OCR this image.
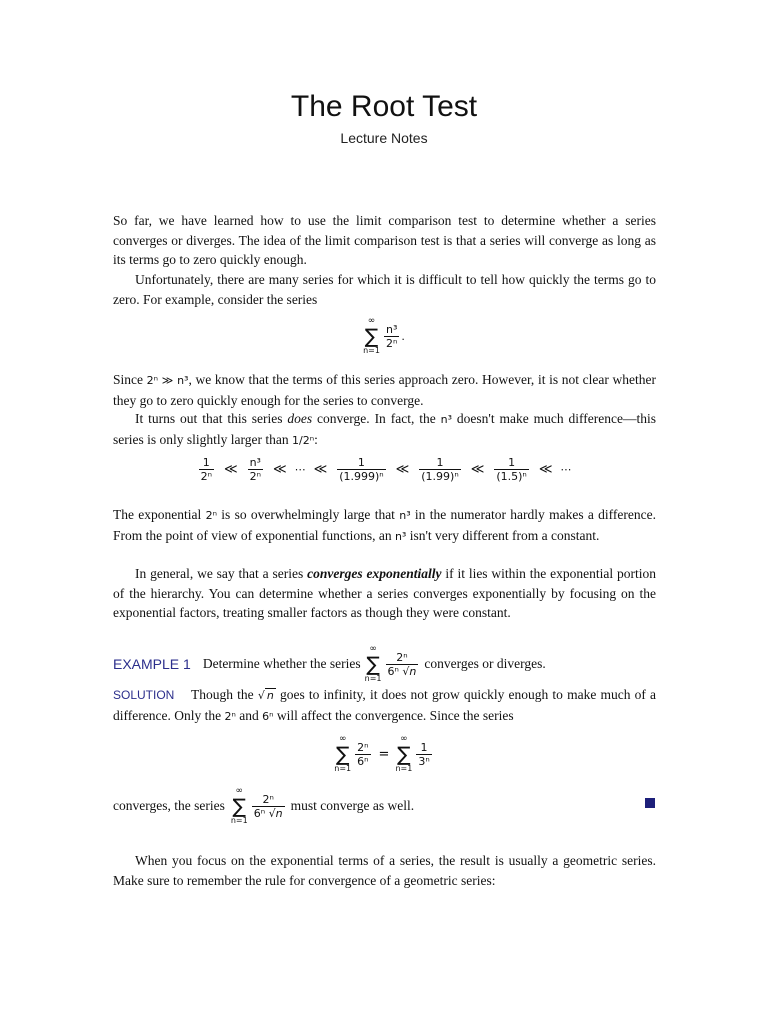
The Root Test
Lecture Notes

So far, we have learned how to use the limit comparison test to determine whether a series converges or diverges. The idea of the limit comparison test is that a series will converge as long as its terms go to zero quickly enough.

Unfortunately, there are many series for which it is difficult to tell how quickly the terms go to zero. For example, consider the series

∞
∑
n=1
$\frac{\text{n³}}{\text{2ⁿ}}$ .

Since 2ⁿ ≫ n³, we know that the terms of this series approach zero. However, it is not clear whether they go to zero quickly enough for the series to converge.

It turns out that this series does converge. In fact, the n³ doesn't make much difference—this series is only slightly larger than 1/2ⁿ:

$\frac{1}{\text{2ⁿ}}$ ≪ $\frac{\text{n³}}{\text{2ⁿ}}$ ≪ ⋯ ≪ $\frac{1}{\text{(1.999)ⁿ}}$ ≪ $\frac{1}{\text{(1.99)ⁿ}}$ ≪ $\frac{1}{\text{(1.5)ⁿ}}$ ≪ ⋯

The exponential 2ⁿ is so overwhelmingly large that n³ in the numerator hardly makes a difference. From the point of view of exponential functions, an n³ isn't very different from a constant.

In general, we say that a series converges exponentially if it lies within the exponential portion of the hierarchy. You can determine whether a series converges exponentially by focusing on the exponential factors, treating smaller factors as though they were constant.

EXAMPLE 1 Determine whether the series
∞
∑
n=1
$\frac{\text{2ⁿ}}{\text{6ⁿ √n}}$ converges or diverges.

SOLUTION Though the √ n goes to infinity, it does not grow quickly enough to make much of a difference. Only the 2ⁿ and 6ⁿ will affect the convergence. Since the series

∞
∑
n=1
$\frac{\text{2ⁿ}}{\text{6ⁿ}}$ =
∞
∑
n=1
$\frac{1}{\text{3ⁿ}}$
converges, the series
∞
∑
n=1
$\frac{\text{2ⁿ}}{\text{6ⁿ √n}}$ must converge as well.

When you focus on the exponential terms of a series, the result is usually a geometric series. Make sure to remember the rule for convergence of a geometric series:
